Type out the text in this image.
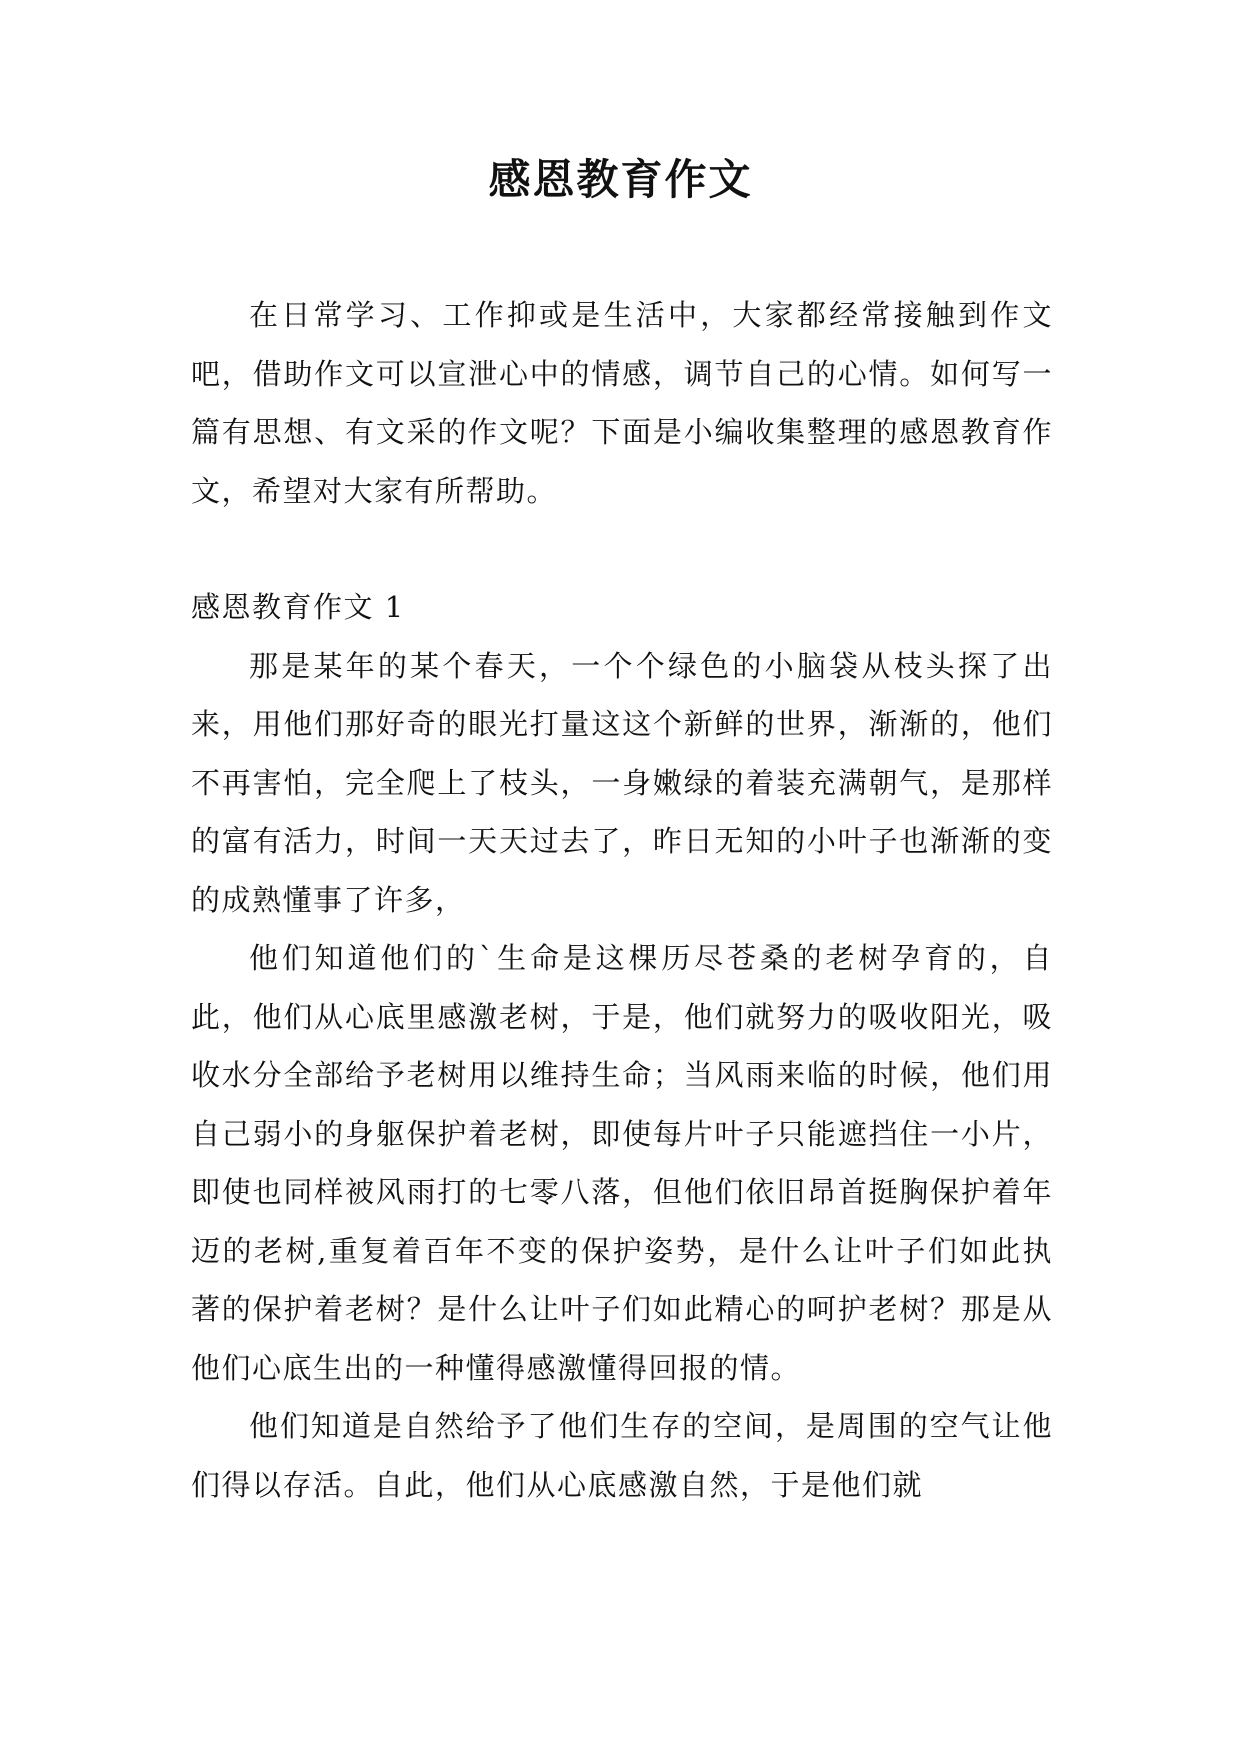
感恩教育作文

在日常学习、工作抑或是生活中，大家都经常接触到作文吧，借助作文可以宣泄心中的情感，调节自己的心情。如何写一篇有思想、有文采的作文呢？下面是小编收集整理的感恩教育作文，希望对大家有所帮助。

感恩教育作文 1

那是某年的某个春天，一个个绿色的小脑袋从枝头探了出来，用他们那好奇的眼光打量这这个新鲜的世界，渐渐的，他们不再害怕，完全爬上了枝头，一身嫩绿的着装充满朝气，是那样的富有活力，时间一天天过去了，昨日无知的小叶子也渐渐的变的成熟懂事了许多，

他们知道他们的`生命是这棵历尽苍桑的老树孕育的，自此，他们从心底里感激老树，于是，他们就努力的吸收阳光，吸收水分全部给予老树用以维持生命；当风雨来临的时候，他们用自己弱小的身躯保护着老树，即使每片叶子只能遮挡住一小片，即使也同样被风雨打的七零八落，但他们依旧昂首挺胸保护着年迈的老树,重复着百年不变的保护姿势，是什么让叶子们如此执著的保护着老树？是什么让叶子们如此精心的呵护老树？那是从他们心底生出的一种懂得感激懂得回报的情。

他们知道是自然给予了他们生存的空间，是周围的空气让他们得以存活。自此，他们从心底感激自然，于是他们就
